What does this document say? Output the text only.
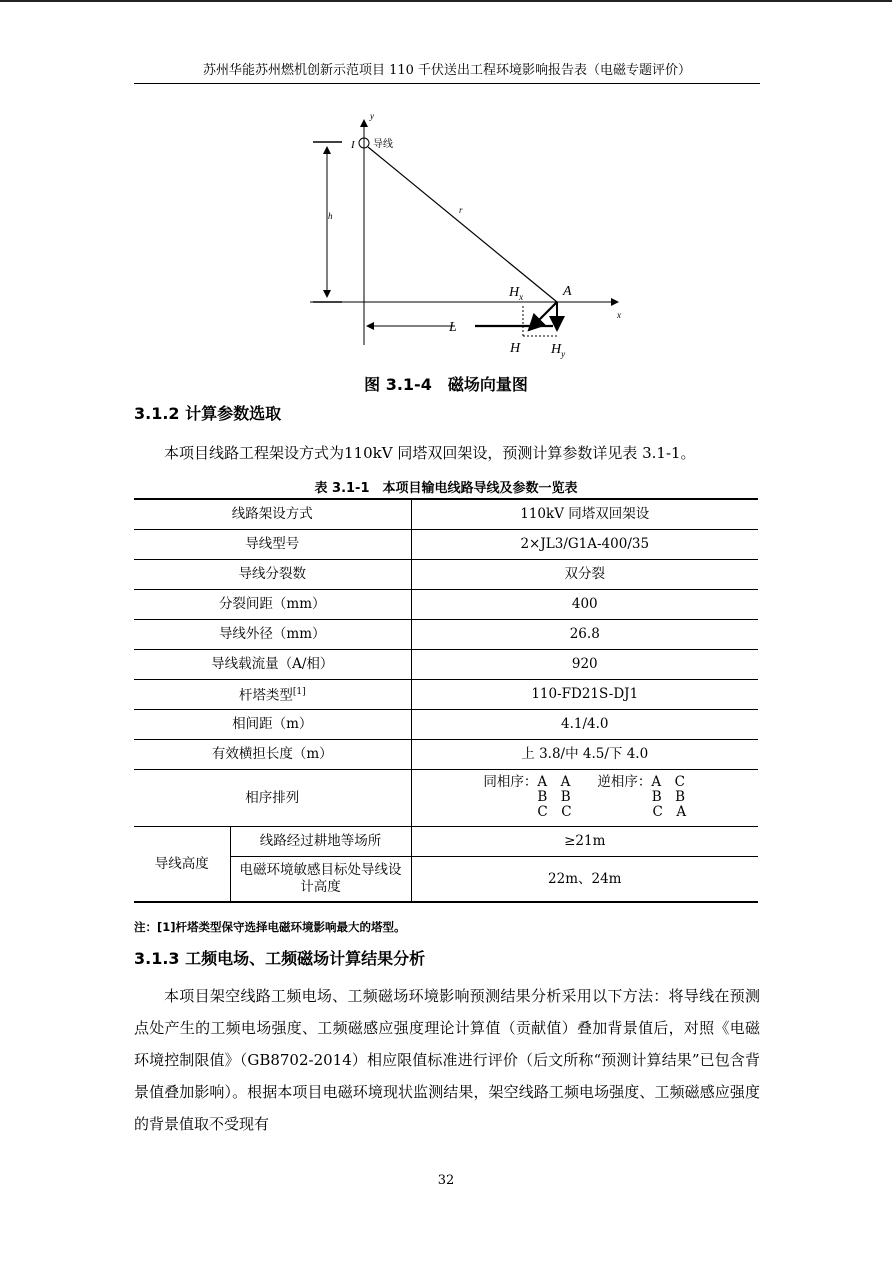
苏州华能苏州燃机创新示范项目 110 千伏送出工程环境影响报告表（电磁专题评价）
y
x
I 导线
h
r
L
A
$H_x$
H $H_y$
图 3.1-4　磁场向量图
3.1.2 计算参数选取

本项目线路工程架设方式为110kV 同塔双回架设，预测计算参数详见表 3.1-1。

表 3.1-1　本项目输电线路导线及参数一览表
线路架设方式		110kV 同塔双回架设
导线型号		2×JL3/G1A-400/35
导线分裂数		双分裂
分裂间距（mm）		400
导线外径（mm）		26.8
导线载流量（A/相）		920
杆塔类型[1]		110-FD21S-DJ1
相间距（m）		4.1/4.0
有效横担长度（m）		上 3.8/中 4.5/下 4.0
相序排列		同相序：A　A　　逆相序：A　C
　　　　B　B　　　　　　B　B
　　　　C　C　　　　　　C　A

导线高度	线路经过耕地等场所	≥21m
	电磁环境敏感目标处导线设计高度	22m、24m
注：[1]杆塔类型保守选择电磁环境影响最大的塔型。
3.1.3 工频电场、工频磁场计算结果分析

本项目架空线路工频电场、工频磁场环境影响预测结果分析采用以下方法：将导线在预测点处产生的工频电场强度、工频磁感应强度理论计算值（贡献值）叠加背景值后，对照《电磁环境控制限值》（GB8702-2014）相应限值标准进行评价（后文所称“预测计算结果”已包含背景值叠加影响）。根据本项目电磁环境现状监测结果，架空线路工频电场强度、工频磁感应强度的背景值取不受现有

32
